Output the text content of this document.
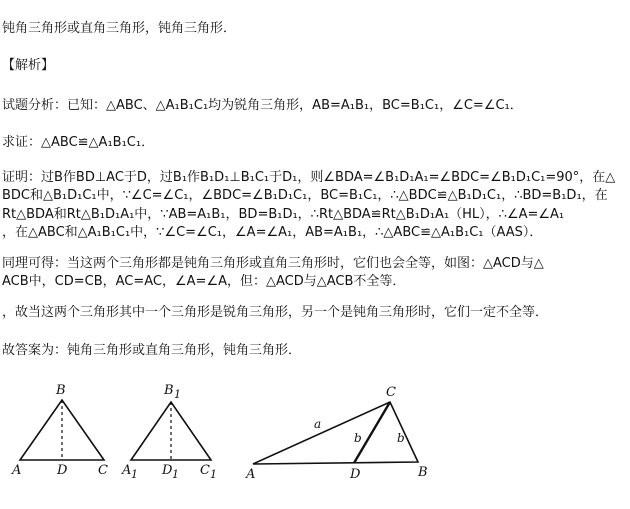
钝角三角形或直角三角形，钝角三角形．
【解析】
试题分析：已知：△ABC、△A₁B₁C₁均为锐角三角形，AB=A₁B₁，BC=B₁C₁，∠C=∠C₁．
求证：△ABC≌△A₁B₁C₁．
证明：过B作BD⊥AC于D，过B₁作B₁D₁⊥B₁C₁于D₁，则∠BDA=∠B₁D₁A₁=∠BDC=∠B₁D₁C₁=90°，在△
BDC和△B₁D₁C₁中，∵∠C=∠C₁，∠BDC=∠B₁D₁C₁，BC=B₁C₁，∴△BDC≌△B₁D₁C₁，∴BD=B₁D₁，在
Rt△BDA和Rt△B₁D₁A₁中，∵AB=A₁B₁，BD=B₁D₁，∴Rt△BDA≌Rt△B₁D₁A₁（HL），∴∠A=∠A₁
，在△ABC和△A₁B₁C₁中，∵∠C=∠C₁，∠A=∠A₁，AB=A₁B₁，∴△ABC≌△A₁B₁C₁（AAS）．
同理可得：当这两个三角形都是钝角三角形或直角三角形时，它们也会全等，如图：△ACD与△
ACB中，CD=CB，AC=AC，∠A=∠A，但：△ACD与△ACB不全等．
，故当这两个三角形其中一个三角形是锐角三角形，另一个是钝角三角形时，它们一定不全等．
故答案为：钝角三角形或直角三角形，钝角三角形．
B
A	D C
B 1
A 1 D 1 C 1
C
a
b	b
A	D	B
